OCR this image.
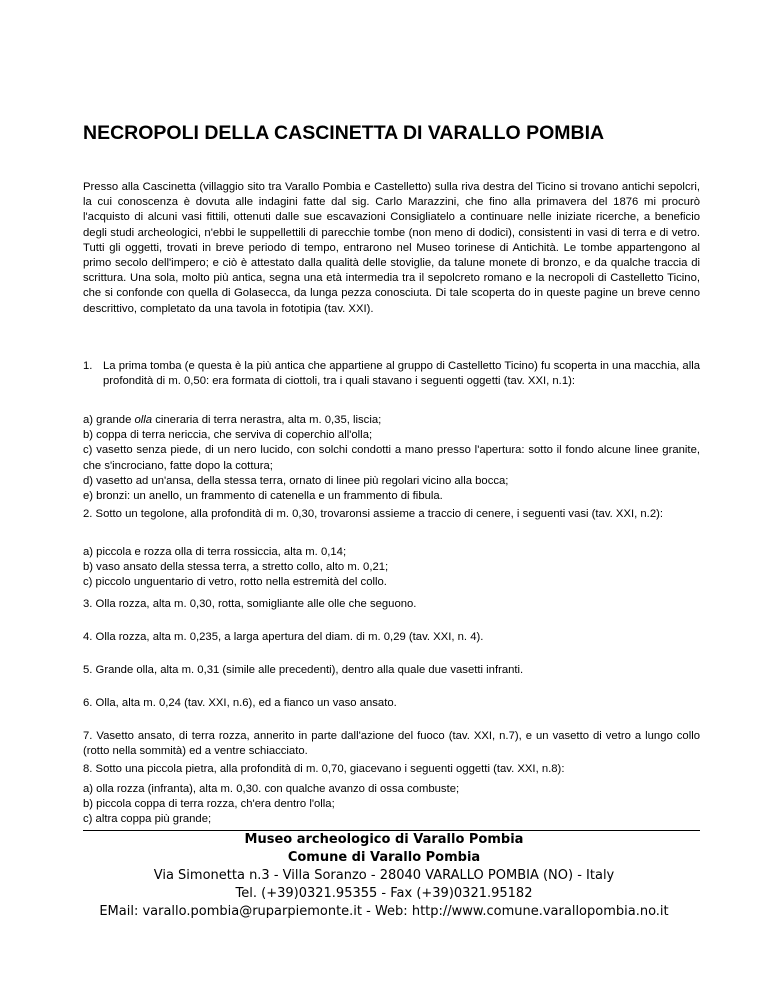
NECROPOLI DELLA CASCINETTA DI VARALLO POMBIA
Presso alla Cascinetta (villaggio sito tra Varallo Pombia e Castelletto) sulla riva destra del Ticino si trovano antichi sepolcri, la cui conoscenza è dovuta alle indagini fatte dal sig. Carlo Marazzini, che fino alla primavera del 1876 mi procurò l'acquisto di alcuni vasi fittili, ottenuti dalle sue escavazioni Consigliatelo a continuare nelle iniziate ricerche, a beneficio degli studi archeologici, n'ebbi le suppellettili di parecchie tombe (non meno di dodici), consistenti in vasi di terra e di vetro. Tutti gli oggetti, trovati in breve periodo di tempo, entrarono nel Museo torinese di Antichità. Le tombe appartengono al primo secolo dell'impero; e ciò è attestato dalla qualità delle stoviglie, da talune monete di bronzo, e da qualche traccia di scrittura. Una sola, molto più antica, segna una età intermedia tra il sepolcreto romano e la necropoli di Castelletto Ticino, che si confonde con quella di Golasecca, da lunga pezza conosciuta. Di tale scoperta do in queste pagine un breve cenno descrittivo, completato da una tavola in fototipia (tav. XXI).
1. La prima tomba (e questa è la più antica che appartiene al gruppo di Castelletto Ticino) fu scoperta in una macchia, alla profondità di m. 0,50: era formata di ciottoli, tra i quali stavano i seguenti oggetti (tav. XXI, n.1):
a) grande olla cineraria di terra nerastra, alta m. 0,35, liscia;
b) coppa di terra nericcia, che serviva di coperchio all'olla;
c) vasetto senza piede, di un nero lucido, con solchi condotti a mano presso l'apertura: sotto il fondo alcune linee granite, che s'incrociano, fatte dopo la cottura;
d) vasetto ad un'ansa, della stessa terra, ornato di linee più regolari vicino alla bocca;
e) bronzi: un anello, un frammento di catenella e un frammento di fibula.
2. Sotto un tegolone, alla profondità di m. 0,30, trovaronsi assieme a traccio di cenere, i seguenti vasi (tav. XXI, n.2):
a) piccola e rozza olla di terra rossiccia, alta m. 0,14;
b) vaso ansato della stessa terra, a stretto collo, alto m. 0,21;
c) piccolo unguentario di vetro, rotto nella estremità del collo.
3. Olla rozza, alta m. 0,30, rotta, somigliante alle olle che seguono.
4. Olla rozza, alta m. 0,235, a larga apertura del diam. di m. 0,29 (tav. XXI, n. 4).
5. Grande olla, alta m. 0,31 (simile alle precedenti), dentro alla quale due vasetti infranti.
6. Olla, alta m. 0,24 (tav. XXI, n.6), ed a fianco un vaso ansato.
7. Vasetto ansato, di terra rozza, annerito in parte dall'azione del fuoco (tav. XXI, n.7), e un vasetto di vetro a lungo collo (rotto nella sommità) ed a ventre schiacciato.
8. Sotto una piccola pietra, alla profondità di m. 0,70, giacevano i seguenti oggetti (tav. XXI, n.8):
Museo archeologico di Varallo Pombia
Comune di Varallo Pombia
Via Simonetta n.3 - Villa Soranzo - 28040 VARALLO POMBIA (NO) - Italy
Tel. (+39)0321.95355 - Fax (+39)0321.95182
EMail: varallo.pombia@ruparpiemonte.it - Web: http://www.comune.varallopombia.no.it
a) olla rozza (infranta), alta m. 0,30. con qualche avanzo di ossa combuste;
b) piccola coppa di terra rozza, ch'era dentro l'olla;
c) altra coppa più grande;
